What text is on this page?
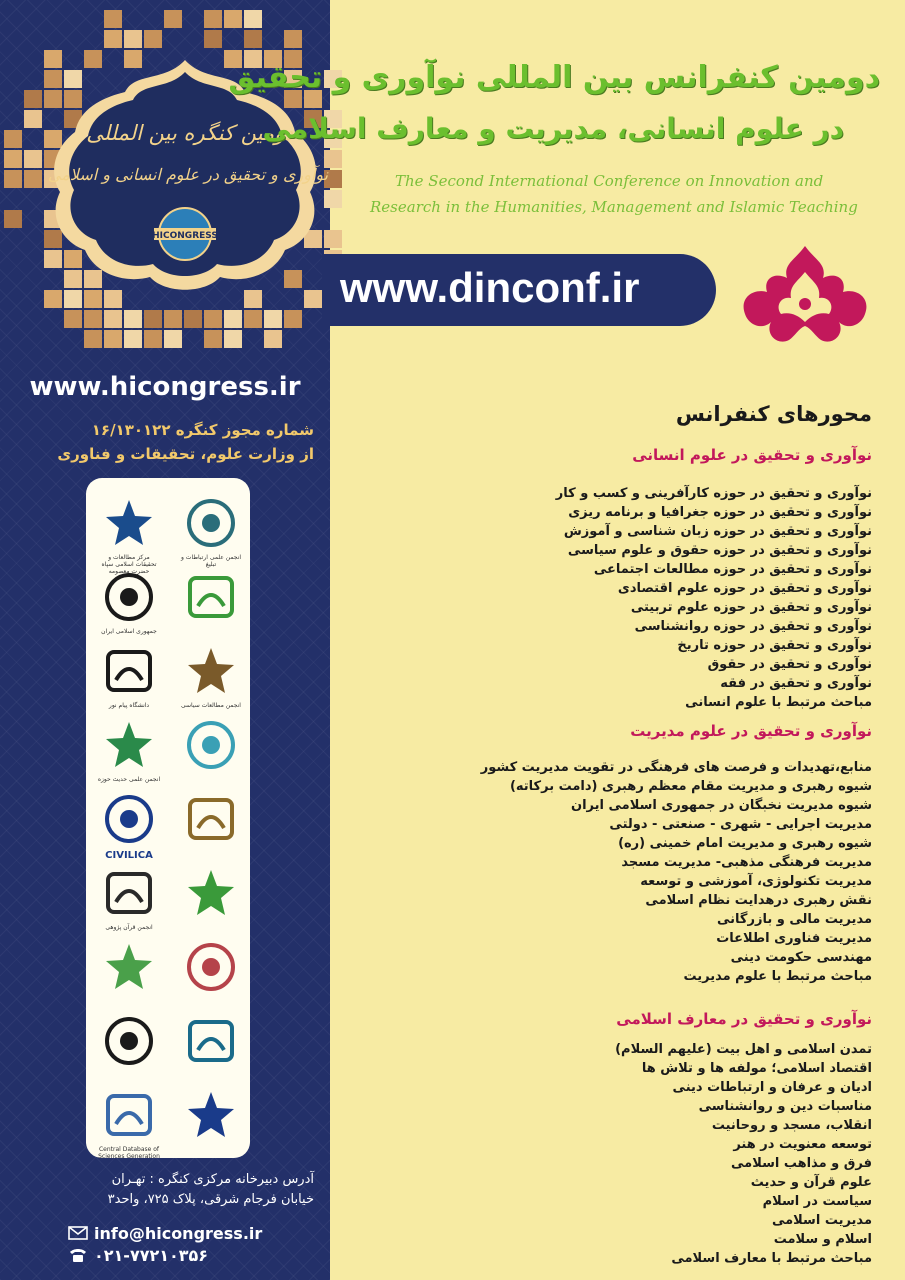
دومین کنگره بین المللی
نوآوری و تحقیق در علوم انسانی و اسلامی
HICONGRESS
www.hicongress.ir
شماره مجوز کنگره ۱۶/۱۳۰۱۲۲
از وزارت علوم، تحقیقات و فناوری
انجمن علمی ارتباطات و تبلیغ
مرکز مطالعات و تحقیقات اسلامی سپاه حضرت معصومه
جمهوری اسلامی ایران
انجمن مطالعات سیاسی
دانشگاه پیام نور
انجمن علمی حدیث حوزه
CIVILICA
انجمن قرآن پژوهی
Central Database of Sciences Generation
آدرس دبیرخانه مرکزی کنگره : تهـران
خیابان فرجام شرقی، پلاک ۷۲۵، واحد۳
info@hicongress.ir
۰۲۱-۷۷۲۱۰۳۵۶
دومین کنفرانس بین المللی نوآوری و تحقیق
در علوم انسانی، مدیریت و معارف اسلامی
The Second International Conference on Innovation and
Research in the Humanities, Management and Islamic Teaching
www.dinconf.ir
محورهای کنفرانس
نوآوری و تحقیق در علوم انسانی
نوآوری و تحقیق در حوزه کارآفرینی و کسب و کار
نوآوری و تحقیق در حوزه جغرافیا و برنامه ریزی
نوآوری و تحقیق در حوزه زبان شناسی و آموزش
نوآوری و تحقیق در حوزه حقوق و علوم سیاسی
نوآوری و تحقیق در حوزه مطالعات اجتماعی
نوآوری و تحقیق در حوزه علوم اقتصادی
نوآوری و تحقیق در حوزه علوم تربیتی
نوآوری و تحقیق در حوزه روانشناسی
نوآوری و تحقیق در حوزه تاریخ
نوآوری و تحقیق در حقوق
نوآوری و تحقیق در فقه
مباحث مرتبط با علوم انسانی
نوآوری و تحقیق در علوم مدیریت
منابع،تهدیدات و فرصت های فرهنگی در تقویت مدیریت کشور
شیوه رهبری و مدیریت مقام معظم رهبری (دامت برکاته)
شیوه مدیریت نخبگان در جمهوری اسلامی ایران
مدیریت اجرایی - شهری - صنعتی - دولتی
شیوه رهبری و مدیریت امام خمینی (ره)
مدیریت فرهنگی مذهبی- مدیریت مسجد
مدیریت تکنولوژی، آموزشی و توسعه
نقش رهبری درهدایت نظام اسلامی
مدیریت مالی و بازرگانی
مدیریت فناوری اطلاعات
مهندسی حکومت دینی
مباحث مرتبط با علوم مدیریت
نوآوری و تحقیق در معارف اسلامی
تمدن اسلامی و اهل بیت (علیهم السلام)
اقتصاد اسلامی؛ مولفه ها و تلاش ها
ادیان و عرفان و ارتباطات دینی
مناسبات دین و روانشناسی
انقلاب، مسجد و روحانیت
توسعه معنویت در هنر
فرق و مذاهب اسلامی
علوم قرآن و حدیث
سیاست در اسلام
مدیریت اسلامی
اسلام و سلامت
مباحث مرتبط با معارف اسلامی
